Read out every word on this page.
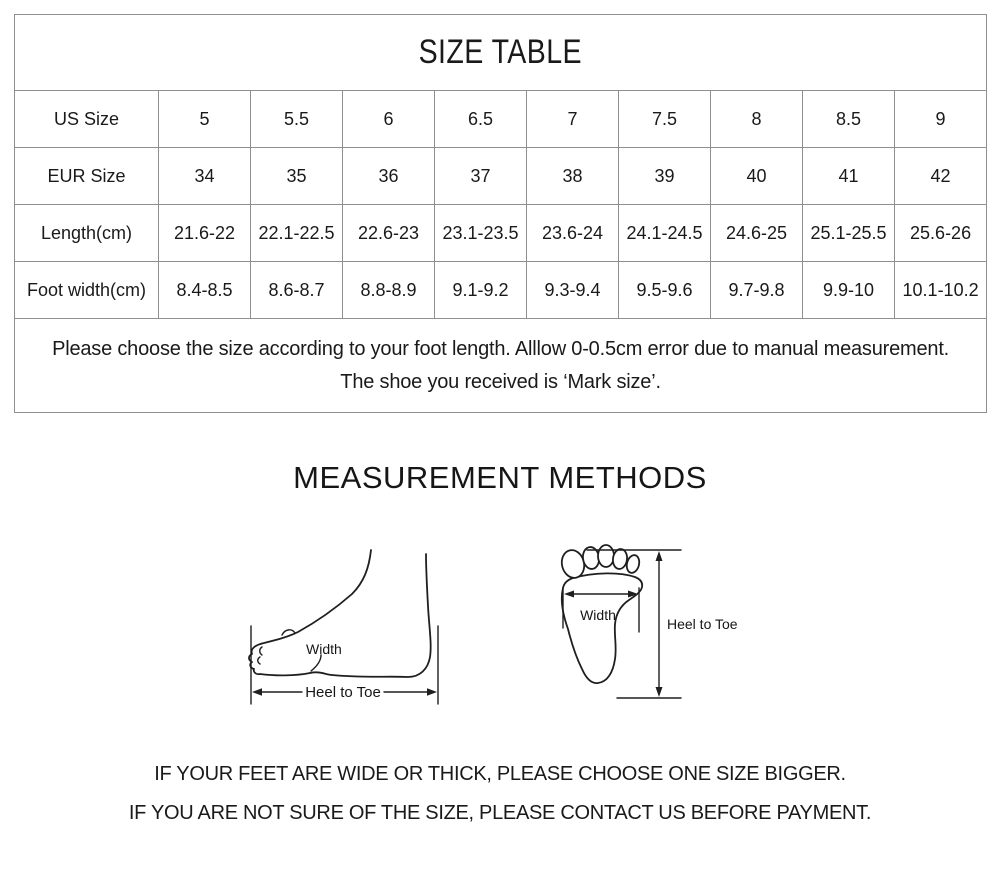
SIZE TABLE									
US Size	5	5.5	6	6.5	7	7.5	8	8.5	9
EUR Size	34	35	36	37	38	39	40	41	42
Length(cm)	21.6-22	22.1-22.5	22.6-23	23.1-23.5	23.6-24	24.1-24.5	24.6-25	25.1-25.5	25.6-26
Foot width(cm)	8.4-8.5	8.6-8.7	8.8-8.9	9.1-9.2	9.3-9.4	9.5-9.6	9.7-9.8	9.9-10	10.1-10.2

Please choose the size according to your foot length. Alllow 0-0.5cm error due to manual measurement.
The shoe you received is ‘Mark size’.									
MEASUREMENT METHODS
Width
Heel to Toe
Width
Heel to Toe
IF YOUR FEET ARE WIDE OR THICK, PLEASE CHOOSE ONE SIZE BIGGER.
IF YOU ARE NOT SURE OF THE SIZE, PLEASE CONTACT US BEFORE PAYMENT.
